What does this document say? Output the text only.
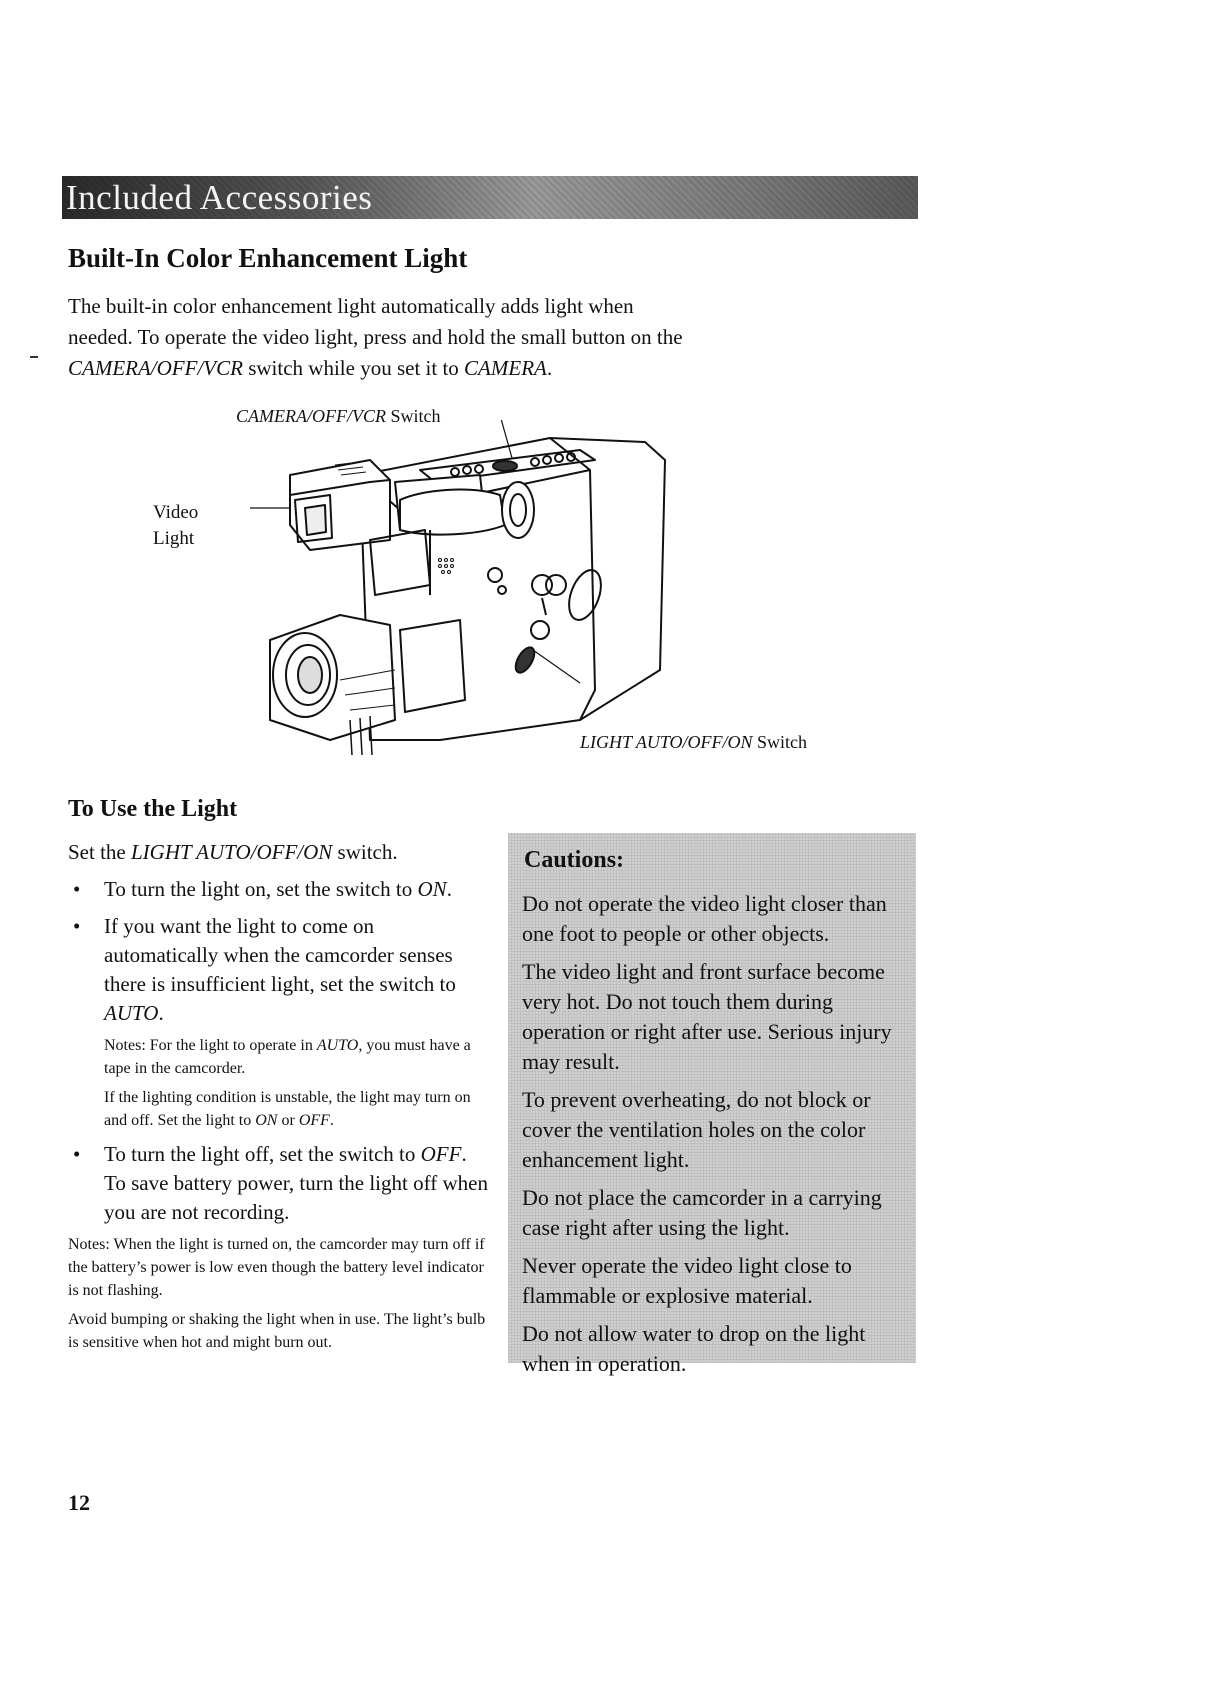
Included Accessories
Built-In Color Enhancement Light
The built-in color enhancement light automatically adds light when
needed. To operate the video light, press and hold the small button on the
CAMERA/OFF/VCR switch while you set it to CAMERA.
CAMERA/OFF/VCR Switch
Video
Light
LIGHT AUTO/OFF/ON Switch
To Use the Light
Set the LIGHT AUTO/OFF/ON switch.
• To turn the light on, set the switch to ON.
• If you want the light to come on automatically when the camcorder senses there is insufficient light, set the switch to AUTO.
Notes: For the light to operate in AUTO, you must have a tape in the camcorder.
If the lighting condition is unstable, the light may turn on and off. Set the light to ON or OFF.
• To turn the light off, set the switch to OFF. To save battery power, turn the light off when you are not recording.
Notes: When the light is turned on, the camcorder may turn off if the battery’s power is low even though the battery level indicator is not flashing.
Avoid bumping or shaking the light when in use. The light’s bulb is sensitive when hot and might burn out.
Cautions:

Do not operate the video light closer than one foot to people or other objects.

The video light and front surface become very hot. Do not touch them during operation or right after use. Serious injury may result.

To prevent overheating, do not block or cover the ventilation holes on the color enhancement light.

Do not place the camcorder in a carrying case right after using the light.

Never operate the video light close to flammable or explosive material.

Do not allow water to drop on the light when in operation.

12
